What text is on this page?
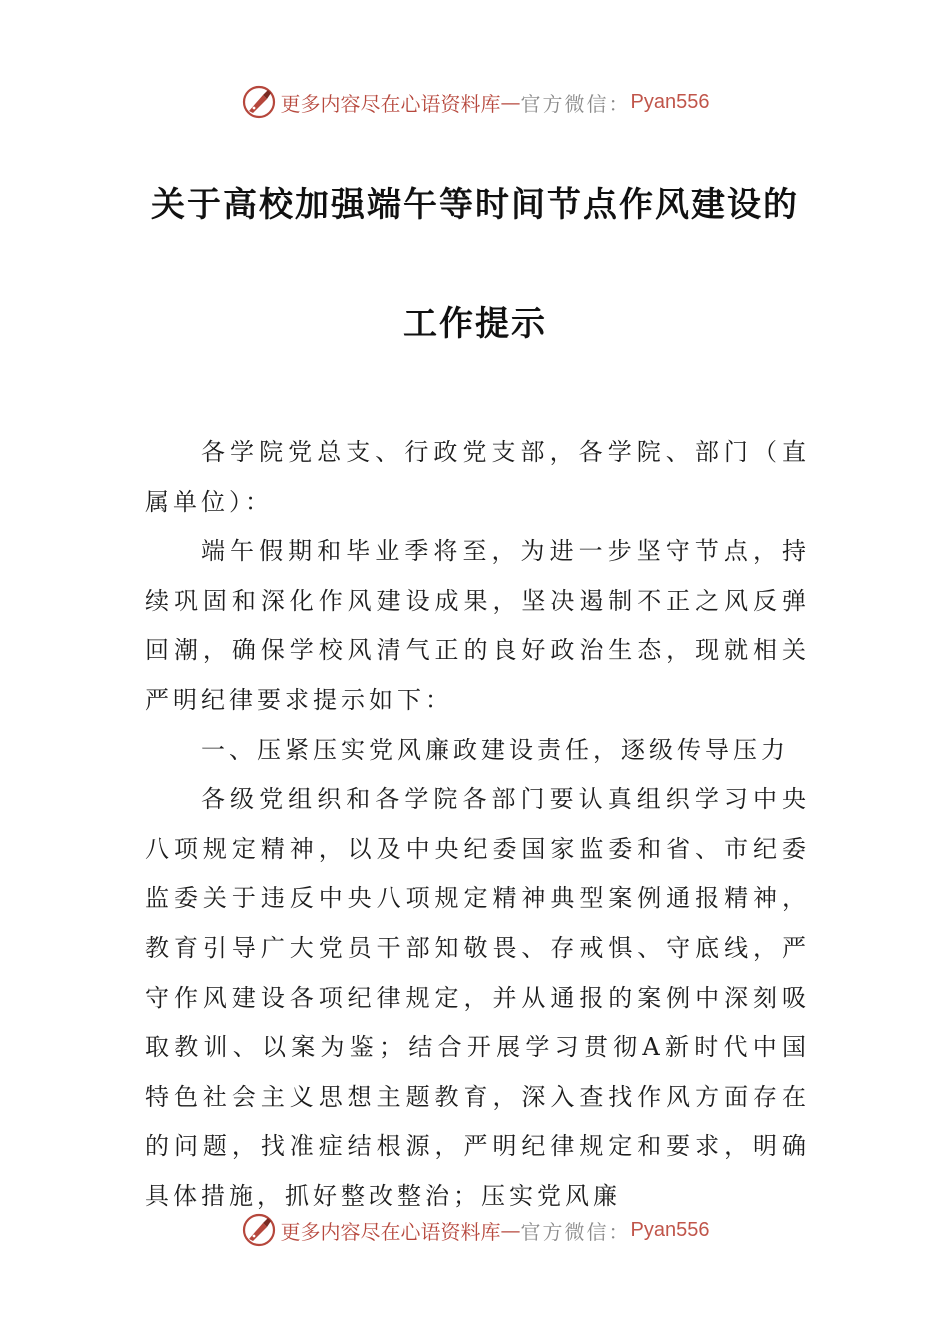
更多内容尽在心语资料库 — 官方微信： Pyan556
关于高校加强端午等时间节点作风建设的
工作提示

各学院党总支、行政党支部，各学院、部门（直属单位）：

端午假期和毕业季将至，为进一步坚守节点，持续巩固和深化作风建设成果，坚决遏制不正之风反弹回潮，确保学校风清气正的良好政治生态，现就相关严明纪律要求提示如下：

一、压紧压实党风廉政建设责任，逐级传导压力

各级党组织和各学院各部门要认真组织学习中央八项规定精神，以及中央纪委国家监委和省、市纪委监委关于违反中央八项规定精神典型案例通报精神，教育引导广大党员干部知敬畏、存戒惧、守底线，严守作风建设各项纪律规定，并从通报的案例中深刻吸取教训、以案为鉴；结合开展学习贯彻A新时代中国特色社会主义思想主题教育，深入查找作风方面存在的问题，找准症结根源，严明纪律规定和要求，明确具体措施，抓好整改整治；压实党风廉

更多内容尽在心语资料库 — 官方微信： Pyan556
